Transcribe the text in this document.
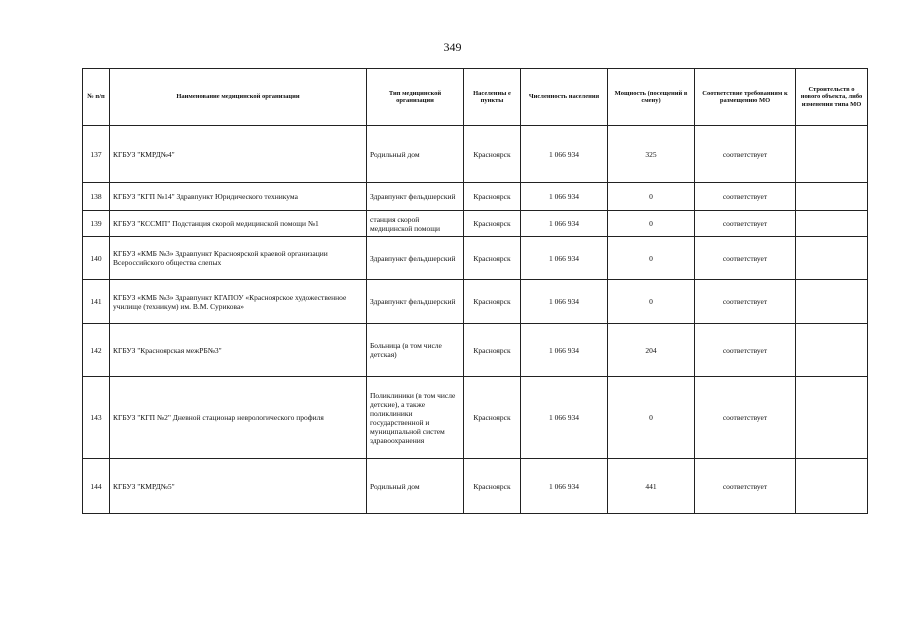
349
№ п/п	Наименование медицинской организации	Тип медицинской организации	Населенны е пункты	Численность населения	Мощность (посещений в смену)	Соответствие требованиям к размещению МО	Строительств о нового объекта, либо изменения типа МО
137	КГБУЗ "КМРД№4"	Родильный дом	Красноярск	1 066 934	325	соответствует	
138	КГБУЗ "КГП №14" Здравпункт Юридического техникума	Здравпункт фельдшерский	Красноярск	1 066 934	0	соответствует	
139	КГБУЗ "КССМП" Подстанция скорой медицинской помощи №1	станция скорой медицинской помощи	Красноярск	1 066 934	0	соответствует	
140	КГБУЗ «КМБ №3» Здравпункт Красноярской краевой организации Всероссийского общества слепых	Здравпункт фельдшерский	Красноярск	1 066 934	0	соответствует	
141	КГБУЗ «КМБ №3» Здравпункт КГАПОУ «Красноярское художественное училище (техникум) им. В.М. Сурикова»	Здравпункт фельдшерский	Красноярск	1 066 934	0	соответствует	
142	КГБУЗ "Красноярская межРБ№3"	Больница (в том числе детская)	Красноярск	1 066 934	204	соответствует	
143	КГБУЗ "КГП №2" Дневной стационар неврологического профиля	Поликлиники (в том числе детские), а также поликлиники государственной и муниципальной систем здравоохранения	Красноярск	1 066 934	0	соответствует	
144	КГБУЗ "КМРД№5"	Родильный дом	Красноярск	1 066 934	441	соответствует	
